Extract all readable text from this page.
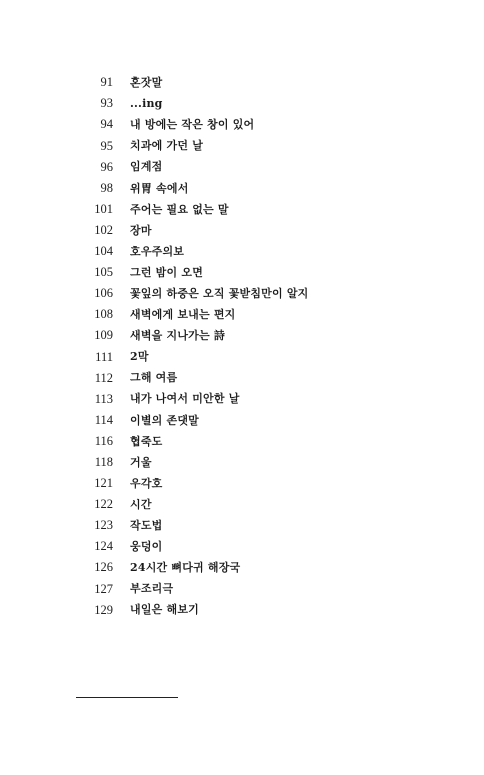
91 혼잣말
93 ...ing
94 내 방에는 작은 창이 있어
95 치과에 가던 날
96 임계점
98 위胃 속에서
101 주어는 필요 없는 말
102 장마
104 호우주의보
105 그런 밤이 오면
106 꽃잎의 하중은 오직 꽃받침만이 알지
108 새벽에게 보내는 편지
109 새벽을 지나가는 詩
111 2막
112 그해 여름
113 내가 나여서 미안한 날
114 이별의 존댓말
116 협죽도
118 거울
121 우각호
122 시간
123 작도법
124 웅덩이
126 24시간 뼈다귀 해장국
127 부조리극
129 내일은 해보기
